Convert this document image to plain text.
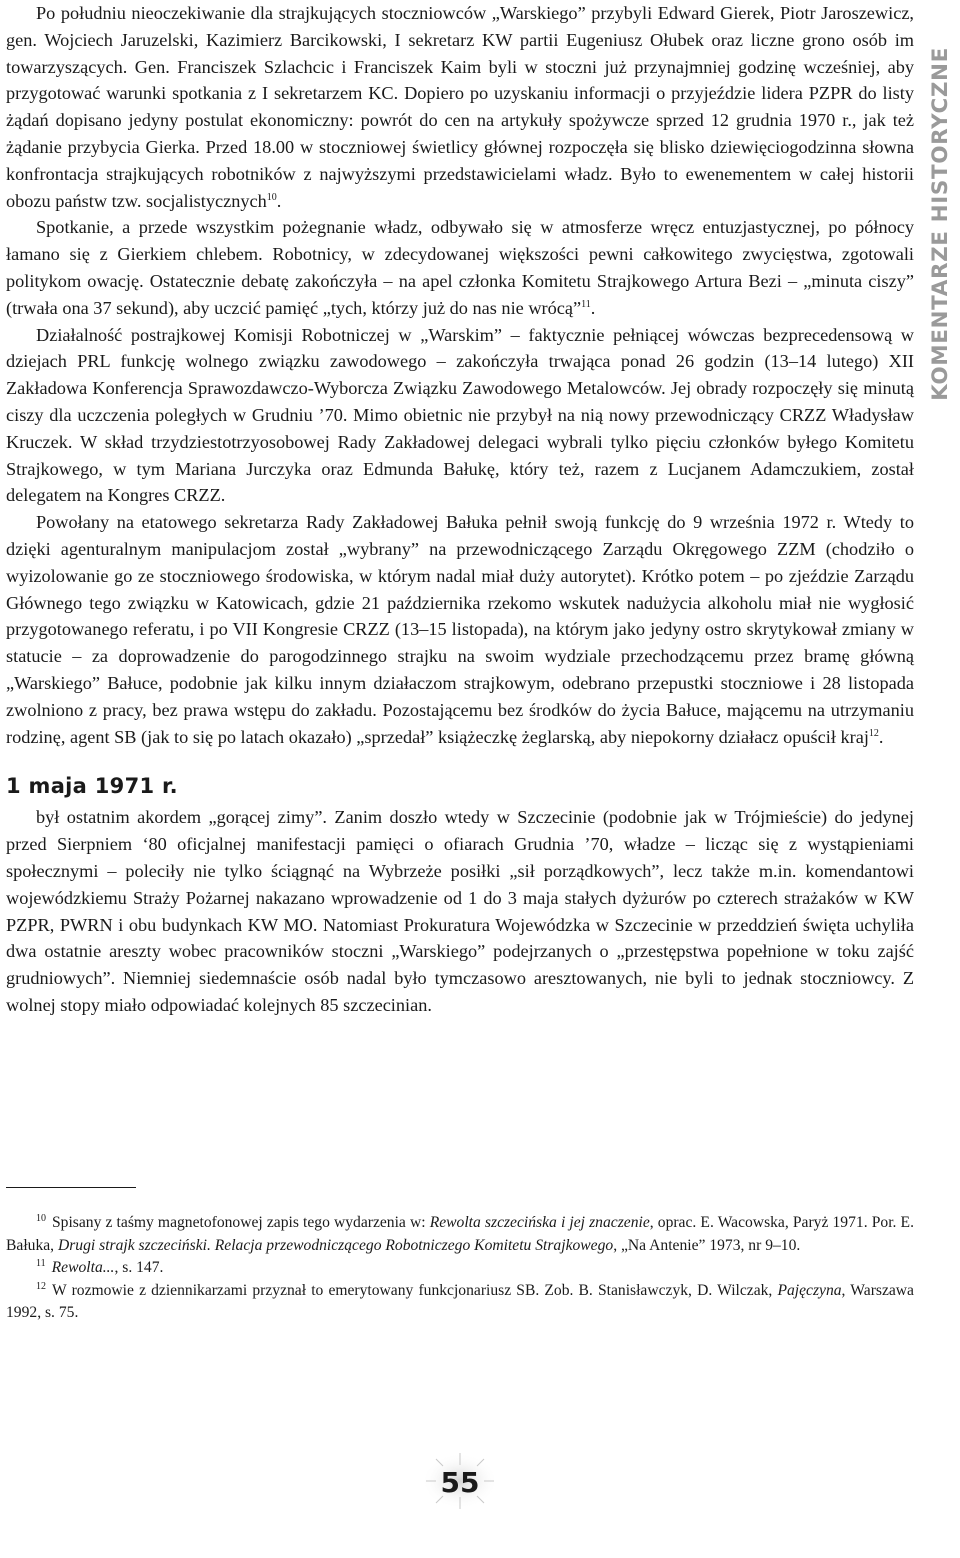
KOMENTARZE HISTORYCZNE

Po południu nieoczekiwanie dla strajkujących stoczniowców „Warskiego” przybyli Edward Gierek, Piotr Jaroszewicz, gen. Wojciech Jaruzelski, Kazimierz Barcikowski, I sekretarz KW partii Eugeniusz Ołubek oraz liczne grono osób im towarzyszących. Gen. Franciszek Szlachcic i Franciszek Kaim byli w stoczni już przynajmniej godzinę wcześniej, aby przygotować warunki spotkania z I sekretarzem KC. Dopiero po uzyskaniu informacji o przyjeździe lidera PZPR do listy żądań dopisano jedyny postulat ekonomiczny: powrót do cen na artykuły spożywcze sprzed 12 grudnia 1970 r., jak też żądanie przybycia Gierka. Przed 18.00 w stoczniowej świetlicy głównej rozpoczęła się blisko dziewięciogodzinna słowna konfrontacja strajkujących robotników z najwyższymi przedstawicielami władz. Było to ewenementem w całej historii obozu państw tzw. socjalistycznych$^{10}$.

Spotkanie, a przede wszystkim pożegnanie władz, odbywało się w atmosferze wręcz entuzjastycznej, po północy łamano się z Gierkiem chlebem. Robotnicy, w zdecydowanej większości pewni całkowitego zwycięstwa, zgotowali politykom owację. Ostatecznie debatę zakończyła – na apel członka Komitetu Strajkowego Artura Bezi – „minuta ciszy” (trwała ona 37 sekund), aby uczcić pamięć „tych, którzy już do nas nie wrócą”$^{11}$.

Działalność postrajkowej Komisji Robotniczej w „Warskim” – faktycznie pełniącej wówczas bezprecedensową w dziejach PRL funkcję wolnego związku zawodowego – zakończyła trwająca ponad 26 godzin (13–14 lutego) XII Zakładowa Konferencja Sprawozdawczo-Wyborcza Związku Zawodowego Metalowców. Jej obrady rozpoczęły się minutą ciszy dla uczczenia poległych w Grudniu ’70. Mimo obietnic nie przybył na nią nowy przewodniczący CRZZ Władysław Kruczek. W skład trzydziestotrzyosobowej Rady Zakładowej delegaci wybrali tylko pięciu członków byłego Komitetu Strajkowego, w tym Mariana Jurczyka oraz Edmunda Bałukę, który też, razem z Lucjanem Adamczukiem, został delegatem na Kongres CRZZ.

Powołany na etatowego sekretarza Rady Zakładowej Bałuka pełnił swoją funkcję do 9 września 1972 r. Wtedy to dzięki agenturalnym manipulacjom został „wybrany” na przewodniczącego Zarządu Okręgowego ZZM (chodziło o wyizolowanie go ze stoczniowego środowiska, w którym nadal miał duży autorytet). Krótko potem – po zjeździe Zarządu Głównego tego związku w Katowicach, gdzie 21 października rzekomo wskutek nadużycia alkoholu miał nie wygłosić przygotowanego referatu, i po VII Kongresie CRZZ (13–15 listopada), na którym jako jedyny ostro skrytykował zmiany w statucie – za doprowadzenie do parogodzinnego strajku na swoim wydziale przechodzącemu przez bramę główną „Warskiego” Bałuce, podobnie jak kilku innym działaczom strajkowym, odebrano przepustki stoczniowe i 28 listopada zwolniono z pracy, bez prawa wstępu do zakładu. Pozostającemu bez środków do życia Bałuce, mającemu na utrzymaniu rodzinę, agent SB (jak to się po latach okazało) „sprzedał” książeczkę żeglarską, aby niepokorny działacz opuścił kraj$^{12}$.

1 maja 1971 r.

był ostatnim akordem „gorącej zimy”. Zanim doszło wtedy w Szczecinie (podobnie jak w Trójmieście) do jedynej przed Sierpniem ‘80 oficjalnej manifestacji pamięci o ofiarach Grudnia ’70, władze – licząc się z wystąpieniami społecznymi – poleciły nie tylko ściągnąć na Wybrzeże posiłki „sił porządkowych”, lecz także m.in. komendantowi wojewódzkiemu Straży Pożarnej nakazano wprowadzenie od 1 do 3 maja stałych dyżurów po czterech strażaków w KW PZPR, PWRN i obu budynkach KW MO. Natomiast Prokuratura Wojewódzka w Szczecinie w przeddzień święta uchyliła dwa ostatnie areszty wobec pracowników stoczni „Warskiego” podejrzanych o „przestępstwa popełnione w toku zajść grudniowych”. Niemniej siedemnaście osób nadal było tymczasowo aresztowanych, nie byli to jednak stoczniowcy. Z wolnej stopy miało odpowiadać kolejnych 85 szczecinian.

$^{10}$ Spisany z taśmy magnetofonowej zapis tego wydarzenia w: Rewolta szczecińska i jej znaczenie, oprac. E. Wacowska, Paryż 1971. Por. E. Bałuka, Drugi strajk szczeciński. Relacja przewodniczącego Robotniczego Komitetu Strajkowego, „Na Antenie” 1973, nr 9–10.

$^{11}$ Rewolta..., s. 147.

$^{12}$ W rozmowie z dziennikarzami przyznał to emerytowany funkcjonariusz SB. Zob. B. Stanisławczyk, D. Wilczak, Pajęczyna, Warszawa 1992, s. 75.

55
